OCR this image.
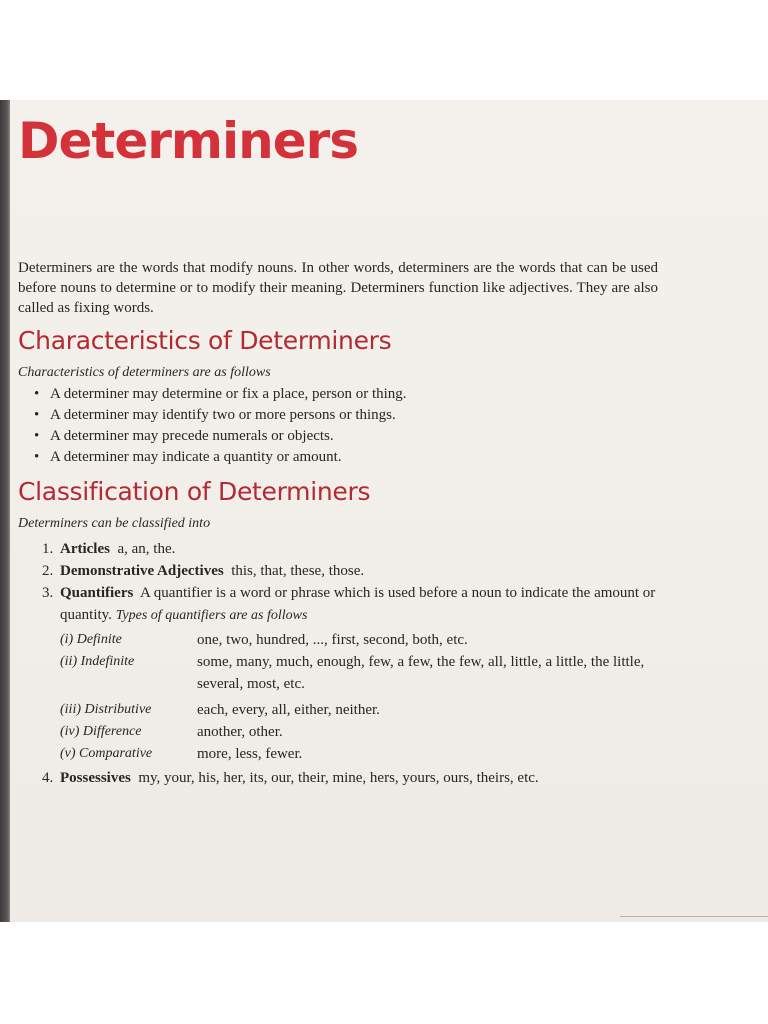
Determiners

Determiners are the words that modify nouns. In other words, determiners are the words that can be used before nouns to determine or to modify their meaning. Determiners function like adjectives. They are also called as fixing words.

Characteristics of Determiners

Characteristics of determiners are as follows

• A determiner may determine or fix a place, person or thing.
• A determiner may identify two or more persons or things.
• A determiner may precede numerals or objects.
• A determiner may indicate a quantity or amount.
Classification of Determiners

Determiners can be classified into

1. Articles a, an, the.
2. Demonstrative Adjectives this, that, these, those.
3. Quantifiers A quantifier is a word or phrase which is used before a noun to indicate the amount or quantity. Types of quantifiers are as follows
(i) Definite	one, two, hundred, ..., first, second, both, etc.
(ii) Indefinite	some, many, much, enough, few, a few, the few, all, little, a little, the little, several, most, etc.
(iii) Distributive	each, every, all, either, neither.
(iv) Difference	another, other.
(v) Comparative	more, less, fewer.
4. Possessives my, your, his, her, its, our, their, mine, hers, yours, ours, theirs, etc.
